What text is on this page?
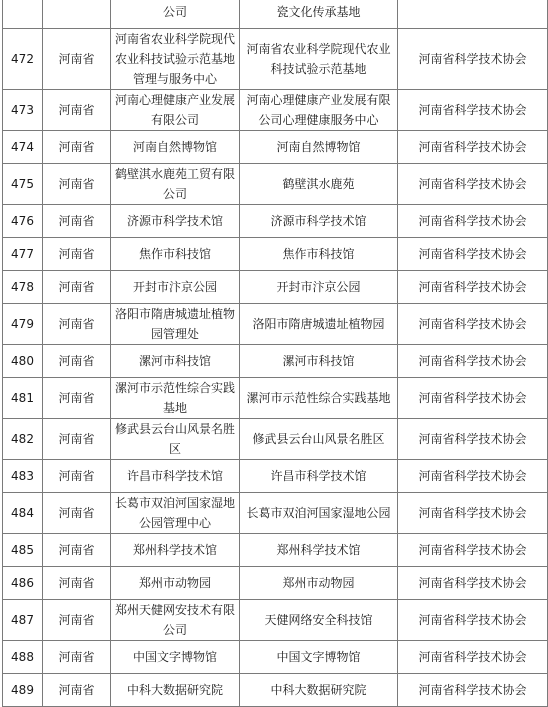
		公司	瓷文化传承基地	
472	河南省	河南省农业科学院现代农业科技试验示范基地管理与服务中心	河南省农业科学院现代农业科技试验示范基地	河南省科学技术协会
473	河南省	河南心理健康产业发展有限公司	河南心理健康产业发展有限公司心理健康服务中心	河南省科学技术协会
474	河南省	河南自然博物馆	河南自然博物馆	河南省科学技术协会
475	河南省	鹤壁淇水鹿苑工贸有限公司	鹤壁淇水鹿苑	河南省科学技术协会
476	河南省	济源市科学技术馆	济源市科学技术馆	河南省科学技术协会
477	河南省	焦作市科技馆	焦作市科技馆	河南省科学技术协会
478	河南省	开封市汴京公园	开封市汴京公园	河南省科学技术协会
479	河南省	洛阳市隋唐城遗址植物园管理处	洛阳市隋唐城遗址植物园	河南省科学技术协会
480	河南省	漯河市科技馆	漯河市科技馆	河南省科学技术协会
481	河南省	漯河市示范性综合实践基地	漯河市示范性综合实践基地	河南省科学技术协会
482	河南省	修武县云台山风景名胜区	修武县云台山风景名胜区	河南省科学技术协会
483	河南省	许昌市科学技术馆	许昌市科学技术馆	河南省科学技术协会
484	河南省	长葛市双洎河国家湿地公园管理中心	长葛市双洎河国家湿地公园	河南省科学技术协会
485	河南省	郑州科学技术馆	郑州科学技术馆	河南省科学技术协会
486	河南省	郑州市动物园	郑州市动物园	河南省科学技术协会
487	河南省	郑州天健网安技术有限公司	天健网络安全科技馆	河南省科学技术协会
488	河南省	中国文字博物馆	中国文字博物馆	河南省科学技术协会
489	河南省	中科大数据研究院	中科大数据研究院	河南省科学技术协会
